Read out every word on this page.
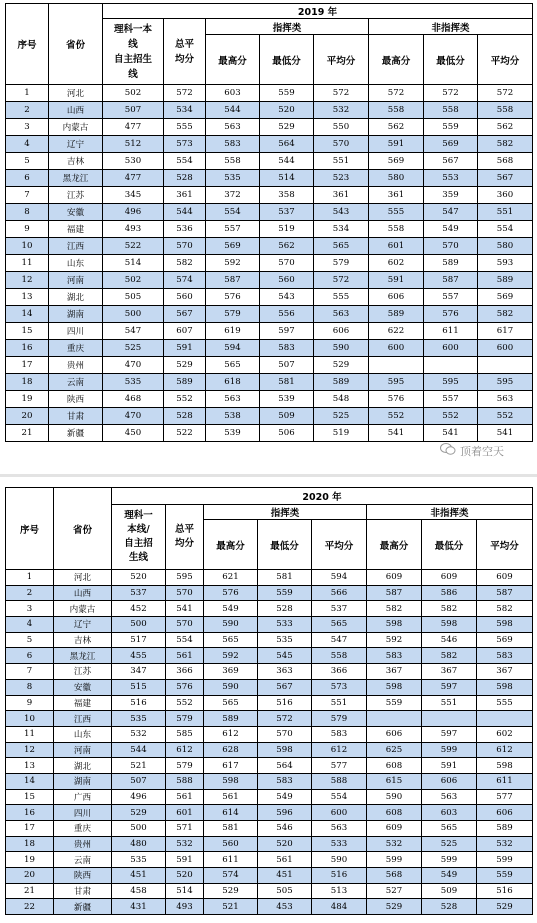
序号	省份	2019 年							
		理科一本
线
自主招生
线	总平
均分	指挥类			非指挥类		
				最高分	最低分	平均分	最高分	最低分	平均分
1	河北	502	572	603	559	572	572	572	572
2	山西	507	534	544	520	532	558	558	558
3	内蒙古	477	555	563	529	550	562	559	562
4	辽宁	512	573	583	564	570	591	569	582
5	吉林	530	554	558	544	551	569	567	568
6	黑龙江	477	528	535	514	523	580	553	567
7	江苏	345	361	372	358	361	361	359	360
8	安徽	496	544	554	537	543	555	547	551
9	福建	493	536	557	519	534	558	549	554
10	江西	522	570	569	562	565	601	570	580
11	山东	514	582	592	570	579	602	589	593
12	河南	502	574	587	560	572	591	587	589
13	湖北	505	560	576	543	555	606	557	569
14	湖南	500	567	579	556	563	589	576	582
15	四川	547	607	619	597	606	622	611	617
16	重庆	525	591	594	583	590	600	600	600
17	贵州	470	529	565	507	529			
18	云南	535	589	618	581	589	595	595	595
19	陕西	468	552	563	539	548	576	557	563
20	甘肃	470	528	538	509	525	552	552	552
21	新疆	450	522	539	506	519	541	541	541
顶着空天
序号	省份	2020 年							
		理科一
本线/
自主招
生线	总平
均分	指挥类			非指挥类		
				最高分	最低分	平均分	最高分	最低分	平均分
1	河北	520	595	621	581	594	609	609	609
2	山西	537	570	576	559	566	587	586	587
3	内蒙古	452	541	549	528	537	582	582	582
4	辽宁	500	570	590	533	565	598	598	598
5	吉林	517	554	565	535	547	592	546	569
6	黑龙江	455	561	592	545	558	583	582	583
7	江苏	347	366	369	363	366	367	367	367
8	安徽	515	576	590	567	573	598	597	598
9	福建	516	552	565	516	551	559	551	555
10	江西	535	579	589	572	579			
11	山东	532	585	612	570	583	606	597	602
12	河南	544	612	628	598	612	625	599	612
13	湖北	521	579	617	564	577	608	591	598
14	湖南	507	588	598	583	588	615	606	611
15	广西	496	561	561	549	554	590	563	577
16	四川	529	601	614	596	600	608	603	606
17	重庆	500	571	581	546	563	609	565	589
18	贵州	480	532	560	520	533	532	525	532
19	云南	535	591	611	561	590	599	599	599
20	陕西	451	520	574	451	516	568	549	559
21	甘肃	458	514	529	505	513	527	509	516
22	新疆	431	493	521	453	484	529	528	529
